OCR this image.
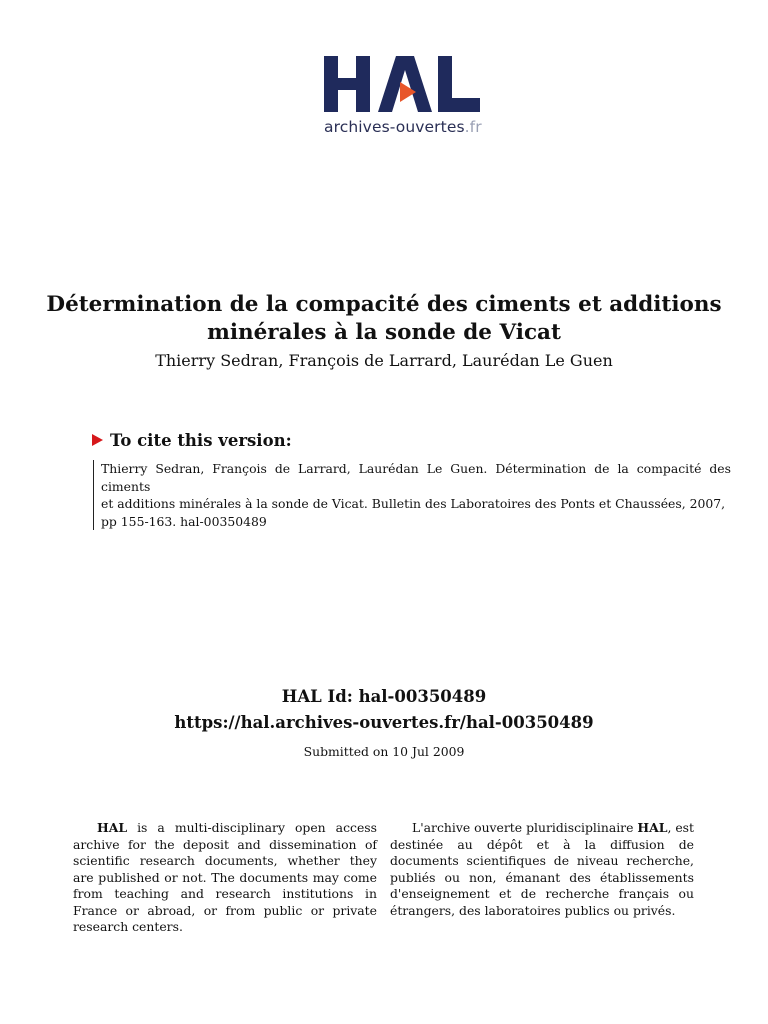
archives-ouvertes.fr
Détermination de la compacité des ciments et additions
minérales à la sonde de Vicat
Thierry Sedran, François de Larrard, Laurédan Le Guen
To cite this version:
Thierry Sedran, François de Larrard, Laurédan Le Guen. Détermination de la compacité des ciments
et additions minérales à la sonde de Vicat. Bulletin des Laboratoires des Ponts et Chaussées, 2007,
pp 155-163. hal-00350489
HAL Id: hal-00350489
https://hal.archives-ouvertes.fr/hal-00350489
Submitted on 10 Jul 2009
HAL is a multi-disciplinary open access archive for the deposit and dissemination of scientific research documents, whether they are published or not. The documents may come from teaching and research institutions in France or abroad, or from public or private research centers.
L'archive ouverte pluridisciplinaire HAL, est destinée au dépôt et à la diffusion de documents scientifiques de niveau recherche, publiés ou non, émanant des établissements d'enseignement et de recherche français ou étrangers, des laboratoires publics ou privés.
